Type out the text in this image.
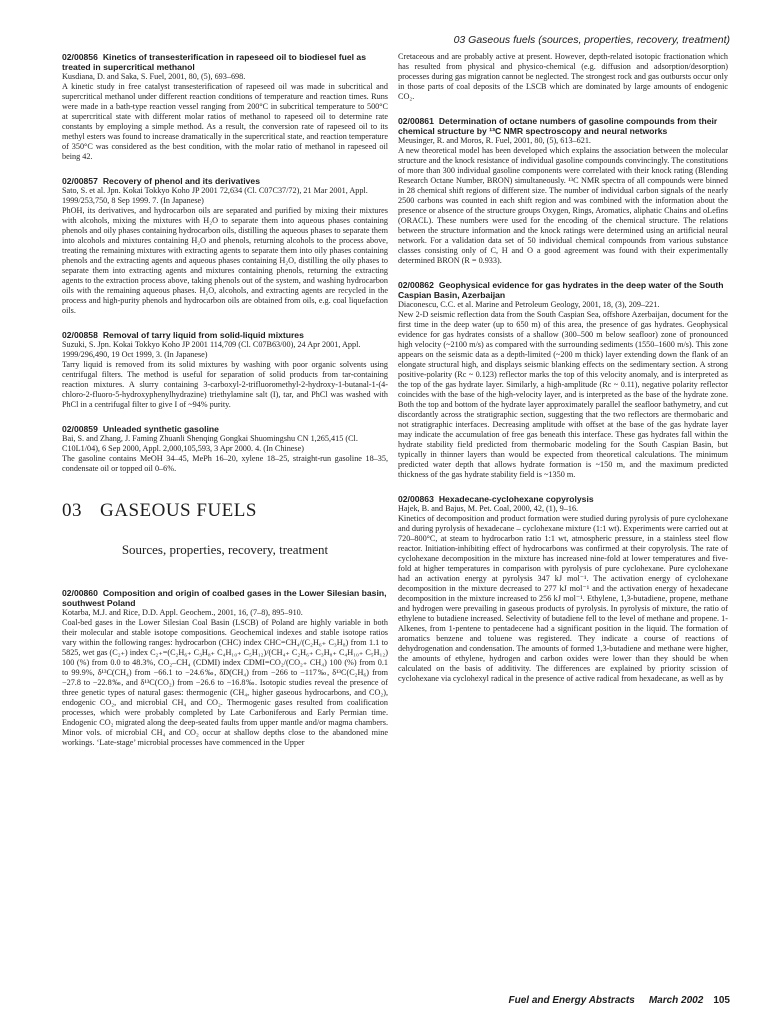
03 Gaseous fuels (sources, properties, recovery, treatment)

02/00856 Kinetics of transesterification in rapeseed oil to biodiesel fuel as treated in supercritical methanol

Kusdiana, D. and Saka, S. Fuel, 2001, 80, (5), 693–698.

A kinetic study in free catalyst transesterification of rapeseed oil was made in subcritical and supercritical methanol under different reaction conditions of temperature and reaction times. Runs were made in a bath-type reaction vessel ranging from 200°C in subcritical temperature to 500°C at supercritical state with different molar ratios of methanol to rapeseed oil to determine rate constants by employing a simple method. As a result, the conversion rate of rapeseed oil to its methyl esters was found to increase dramatically in the supercritical state, and reaction temperature of 350°C was considered as the best condition, with the molar ratio of methanol in rapeseed oil being 42.

02/00857 Recovery of phenol and its derivatives

Sato, S. et al. Jpn. Kokai Tokkyo Koho JP 2001 72,634 (Cl. C07C37/72), 21 Mar 2001, Appl. 1999/253,750, 8 Sep 1999. 7. (In Japanese)

PhOH, its derivatives, and hydrocarbon oils are separated and purified by mixing their mixtures with alcohols, mixing the mixtures with H₂O to separate them into aqueous phases containing phenols and oily phases containing hydrocarbon oils, distilling the aqueous phases to separate them into alcohols and mixtures containing H₂O and phenols, returning alcohols to the process above, treating the remaining mixtures with extracting agents to separate them into oily phases containing phenols and the extracting agents and aqueous phases containing H₂O, distilling the oily phases to separate them into extracting agents and mixtures containing phenols, returning the extracting agents to the extraction process above, taking phenols out of the system, and washing hydrocarbon oils with the remaining aqueous phases. H₂O, alcohols, and extracting agents are recycled in the process and high-purity phenols and hydrocarbon oils are obtained from oils, e.g. coal liquefaction oils.

02/00858 Removal of tarry liquid from solid-liquid mixtures

Suzuki, S. Jpn. Kokai Tokkyo Koho JP 2001 114,709 (Cl. C07B63/00), 24 Apr 2001, Appl. 1999/296,490, 19 Oct 1999, 3. (In Japanese)

Tarry liquid is removed from its solid mixtures by washing with poor organic solvents using centrifugal filters. The method is useful for separation of solid products from tar-containing reaction mixtures. A slurry containing 3-carboxyl-2-trifluoromethyl-2-hydroxy-1-butanal-1-(4-chloro-2-fluoro-5-hydroxyphenylhydrazine) triethylamine salt (I), tar, and PhCl was washed with PhCl in a centrifugal filter to give I of ~94% purity.

02/00859 Unleaded synthetic gasoline

Bai, S. and Zhang, J. Faming Zhuanli Shenqing Gongkai Shuomingshu CN 1,265,415 (Cl. C10L1/04), 6 Sep 2000, Appl. 2,000,105,593, 3 Apr 2000. 4. (In Chinese)

The gasoline contains MeOH 34–45, MePh 16–20, xylene 18–25, straight-run gasoline 18–35, condensate oil or topped oil 0–6%.

03 GASEOUS FUELS
Sources, properties, recovery, treatment

02/00860 Composition and origin of coalbed gases in the Lower Silesian basin, southwest Poland

Kotarba, M.J. and Rice, D.D. Appl. Geochem., 2001, 16, (7–8), 895–910.

Coal-bed gases in the Lower Silesian Coal Basin (LSCB) of Poland are highly variable in both their molecular and stable isotope compositions. Geochemical indexes and stable isotope ratios vary within the following ranges: hydrocarbon (CHC) index CHC=CH₄/(C₂H₆₊ C₃H₈) from 1.1 to 5825, wet gas (C₂₊) index C₂₊=(C₂H₆₊ C₃H₈₊ C₄H₁₀₊ C₅H₁₂)/(CH₄₊ C₂H₆₊ C₃H₈₊ C₄H₁₀₊ C₅H₁₂) 100 (%) from 0.0 to 48.3%, CO₂–CH₄ (CDMI) index CDMI=CO₂/(CO₂₊ CH₄) 100 (%) from 0.1 to 99.9%, δ¹³C(CH₄) from −66.1 to −24.6‰, δD(CH₄) from −266 to −117‰, δ¹³C(C₂H₆) from −27.8 to −22.8‰, and δ¹³C(CO₂) from −26.6 to −16.8‰. Isotopic studies reveal the presence of three genetic types of natural gases: thermogenic (CH₄, higher gaseous hydrocarbons, and CO₂), endogenic CO₂, and microbial CH₄ and CO₂. Thermogenic gases resulted from coalification processes, which were probably completed by Late Carboniferous and Early Permian time. Endogenic CO₂ migrated along the deep-seated faults from upper mantle and/or magma chambers. Minor vols. of microbial CH₄ and CO₂ occur at shallow depths close to the abandoned mine workings. ‘Late-stage’ microbial processes have commenced in the Upper

Cretaceous and are probably active at present. However, depth-related isotopic fractionation which has resulted from physical and physico-chemical (e.g. diffusion and adsorption/desorption) processes during gas migration cannot be neglected. The strongest rock and gas outbursts occur only in those parts of coal deposits of the LSCB which are dominated by large amounts of endogenic CO₂.

02/00861 Determination of octane numbers of gasoline compounds from their chemical structure by ¹³C NMR spectroscopy and neural networks

Meusinger, R. and Moros, R. Fuel, 2001, 80, (5), 613–621.

A new theoretical model has been developed which explains the association between the molecular structure and the knock resistance of individual gasoline compounds convincingly. The constitutions of more than 300 individual gasoline components were correlated with their knock rating (Blending Research Octane Number, BRON) simultaneously. ¹³C NMR spectra of all compounds were binned in 28 chemical shift regions of different size. The number of individual carbon signals of the nearly 2500 carbons was counted in each shift region and was combined with the information about the presence or absence of the structure groups Oxygen, Rings, Aromatics, aliphatic Chains and oLefins (ORACL). These numbers were used for the encoding of the chemical structure. The relations between the structure information and the knock ratings were determined using an artificial neural network. For a validation data set of 50 individual chemical compounds from various substance classes consisting only of C, H and O a good agreement was found with their experimentally determined BRON (R = 0.933).

02/00862 Geophysical evidence for gas hydrates in the deep water of the South Caspian Basin, Azerbaijan

Diaconescu, C.C. et al. Marine and Petroleum Geology, 2001, 18, (3), 209–221.

New 2-D seismic reflection data from the South Caspian Sea, offshore Azerbaijan, document for the first time in the deep water (up to 650 m) of this area, the presence of gas hydrates. Geophysical evidence for gas hydrates consists of a shallow (300–500 m below seafloor) zone of pronounced high velocity (~2100 m/s) as compared with the surrounding sediments (1550–1600 m/s). This zone appears on the seismic data as a depth-limited (~200 m thick) layer extending down the flank of an elongate structural high, and displays seismic blanking effects on the sedimentary section. A strong positive-polarity (Rc ~ 0.123) reflector marks the top of this velocity anomaly, and is interpreted as the top of the gas hydrate layer. Similarly, a high-amplitude (Rc ~ 0.11), negative polarity reflector coincides with the base of the high-velocity layer, and is interpreted as the base of the hydrate zone. Both the top and bottom of the hydrate layer approximately parallel the seafloor bathymetry, and cut discordantly across the stratigraphic section, suggesting that the two reflectors are thermobaric and not stratigraphic interfaces. Decreasing amplitude with offset at the base of the gas hydrate layer may indicate the accumulation of free gas beneath this interface. These gas hydrates fall within the hydrate stability field predicted from thermobaric modeling for the South Caspian Basin, but typically in thinner layers than would be expected from theoretical calculations. The minimum predicted water depth that allows hydrate formation is ~150 m, and the maximum predicted thickness of the gas hydrate stability field is ~1350 m.

02/00863 Hexadecane-cyclohexane copyrolysis

Hajek, B. and Bajus, M. Pet. Coal, 2000, 42, (1), 9–16.

Kinetics of decomposition and product formation were studied during pyrolysis of pure cyclohexane and during pyrolysis of hexadecane – cyclohexane mixture (1:1 wt). Experiments were carried out at 720–800°C, at steam to hydrocarbon ratio 1:1 wt, atmospheric pressure, in a stainless steel flow reactor. Initiation-inhibiting effect of hydrocarbons was confirmed at their copyrolysis. The rate of cyclohexane decomposition in the mixture has increased nine-fold at lower temperatures and five-fold at higher temperatures in comparison with pyrolysis of pure cyclohexane. Pure cyclohexane had an activation energy at pyrolysis 347 kJ mol⁻¹. The activation energy of cyclohexane decomposition in the mixture decreased to 277 kJ mol⁻¹ and the activation energy of hexadecane decomposition in the mixture increased to 256 kJ mol⁻¹. Ethylene, 1,3-butadiene, propene, methane and hydrogen were prevailing in gaseous products of pyrolysis. In pyrolysis of mixture, the ratio of ethylene to butadiene increased. Selectivity of butadiene fell to the level of methane and propene. 1-Alkenes, from 1-pentene to pentadecene had a significant position in the liquid. The formation of aromatics benzene and toluene was registered. They indicate a course of reactions of dehydrogenation and condensation. The amounts of formed 1,3-butadiene and methane were higher, the amounts of ethylene, hydrogen and carbon oxides were lower than they should be when calculated on the basis of additivity. The differences are explained by priority scission of cyclohexane via cyclohexyl radical in the presence of active radical from hexadecane, as well as by

Fuel and Energy Abstracts March 2002 105
